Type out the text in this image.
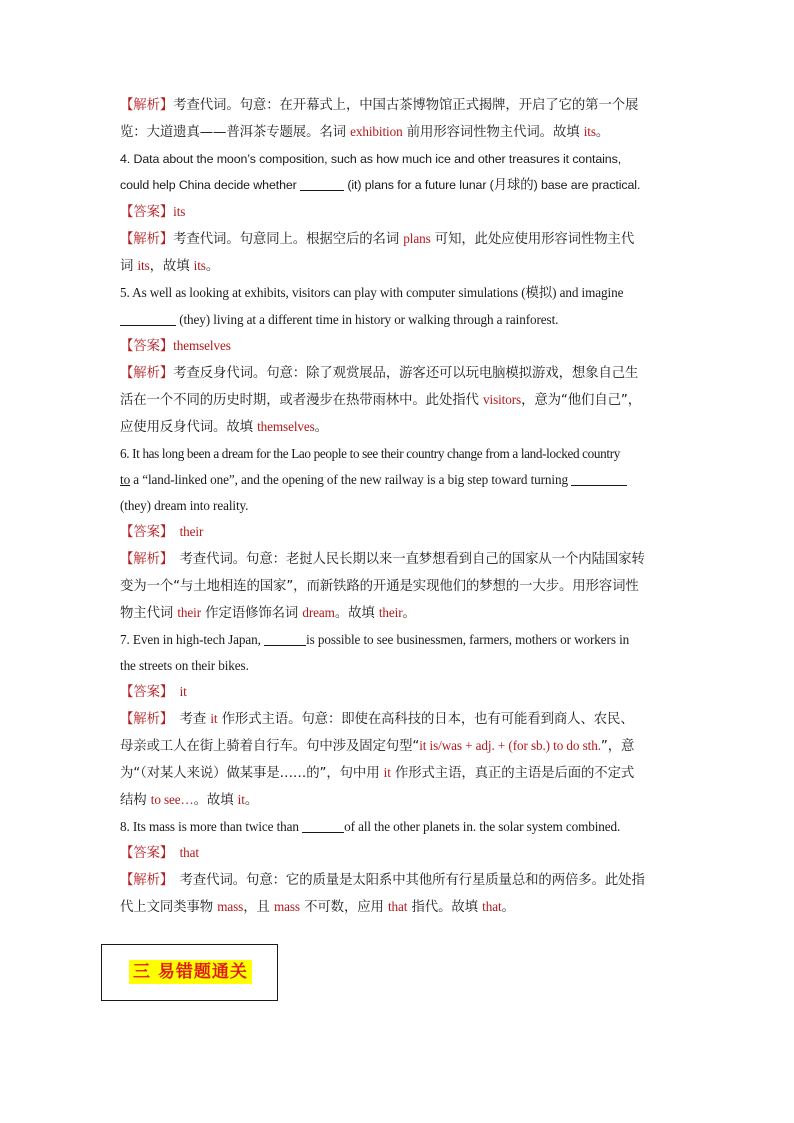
【解析】考查代词。句意：在开幕式上，中国古茶博物馆正式揭牌，开启了它的第一个展
览：大道遗真——普洱茶专题展。名词 exhibition 前用形容词性物主代词。故填 its。
4. Data about the moon’s composition, such as how much ice and other treasures it contains,
could help China decide whether	(it) plans for a future lunar (月球的) base are practical.
【答案】its
【解析】考查代词。句意同上。根据空后的名词 plans 可知，此处应使用形容词性物主代
词 its，故填 its。
5. As well as looking at exhibits, visitors can play with computer simulations (模拟) and imagine
(they) living at a different time in history or walking through a rainforest.
【答案】themselves
【解析】考查反身代词。句意：除了观赏展品，游客还可以玩电脑模拟游戏，想象自己生
活在一个不同的历史时期，或者漫步在热带雨林中。此处指代 visitors，意为“他们自己”，
应使用反身代词。故填 themselves。
6. It has long been a dream for the Lao people to see their country change from a land-locked country
to a “land-linked one”, and the opening of the new railway is a big step toward turning
(they) dream into reality.
【答案】 their
【解析】 考查代词。句意：老挝人民长期以来一直梦想看到自己的国家从一个内陆国家转
变为一个“与土地相连的国家”，而新铁路的开通是实现他们的梦想的一大步。用形容词性
物主代词 their 作定语修饰名词 dream。故填 their。
7. Even in high-tech Japan,	is possible to see businessmen, farmers, mothers or workers in
the streets on their bikes.
【答案】 it
【解析】 考查 it 作形式主语。句意：即使在高科技的日本，也有可能看到商人、农民、
母亲或工人在街上骑着自行车。句中涉及固定句型“it is/was + adj. + (for sb.) to do sth.”，意
为“（对某人来说）做某事是……的”，句中用 it 作形式主语，真正的主语是后面的不定式
结构 to see…。故填 it。
8. Its mass is more than twice than	of all the other planets in. the solar system combined.
【答案】 that
【解析】 考查代词。句意：它的质量是太阳系中其他所有行星质量总和的两倍多。此处指
代上文同类事物 mass，且 mass 不可数，应用 that 指代。故填 that。
三 易错题通关
